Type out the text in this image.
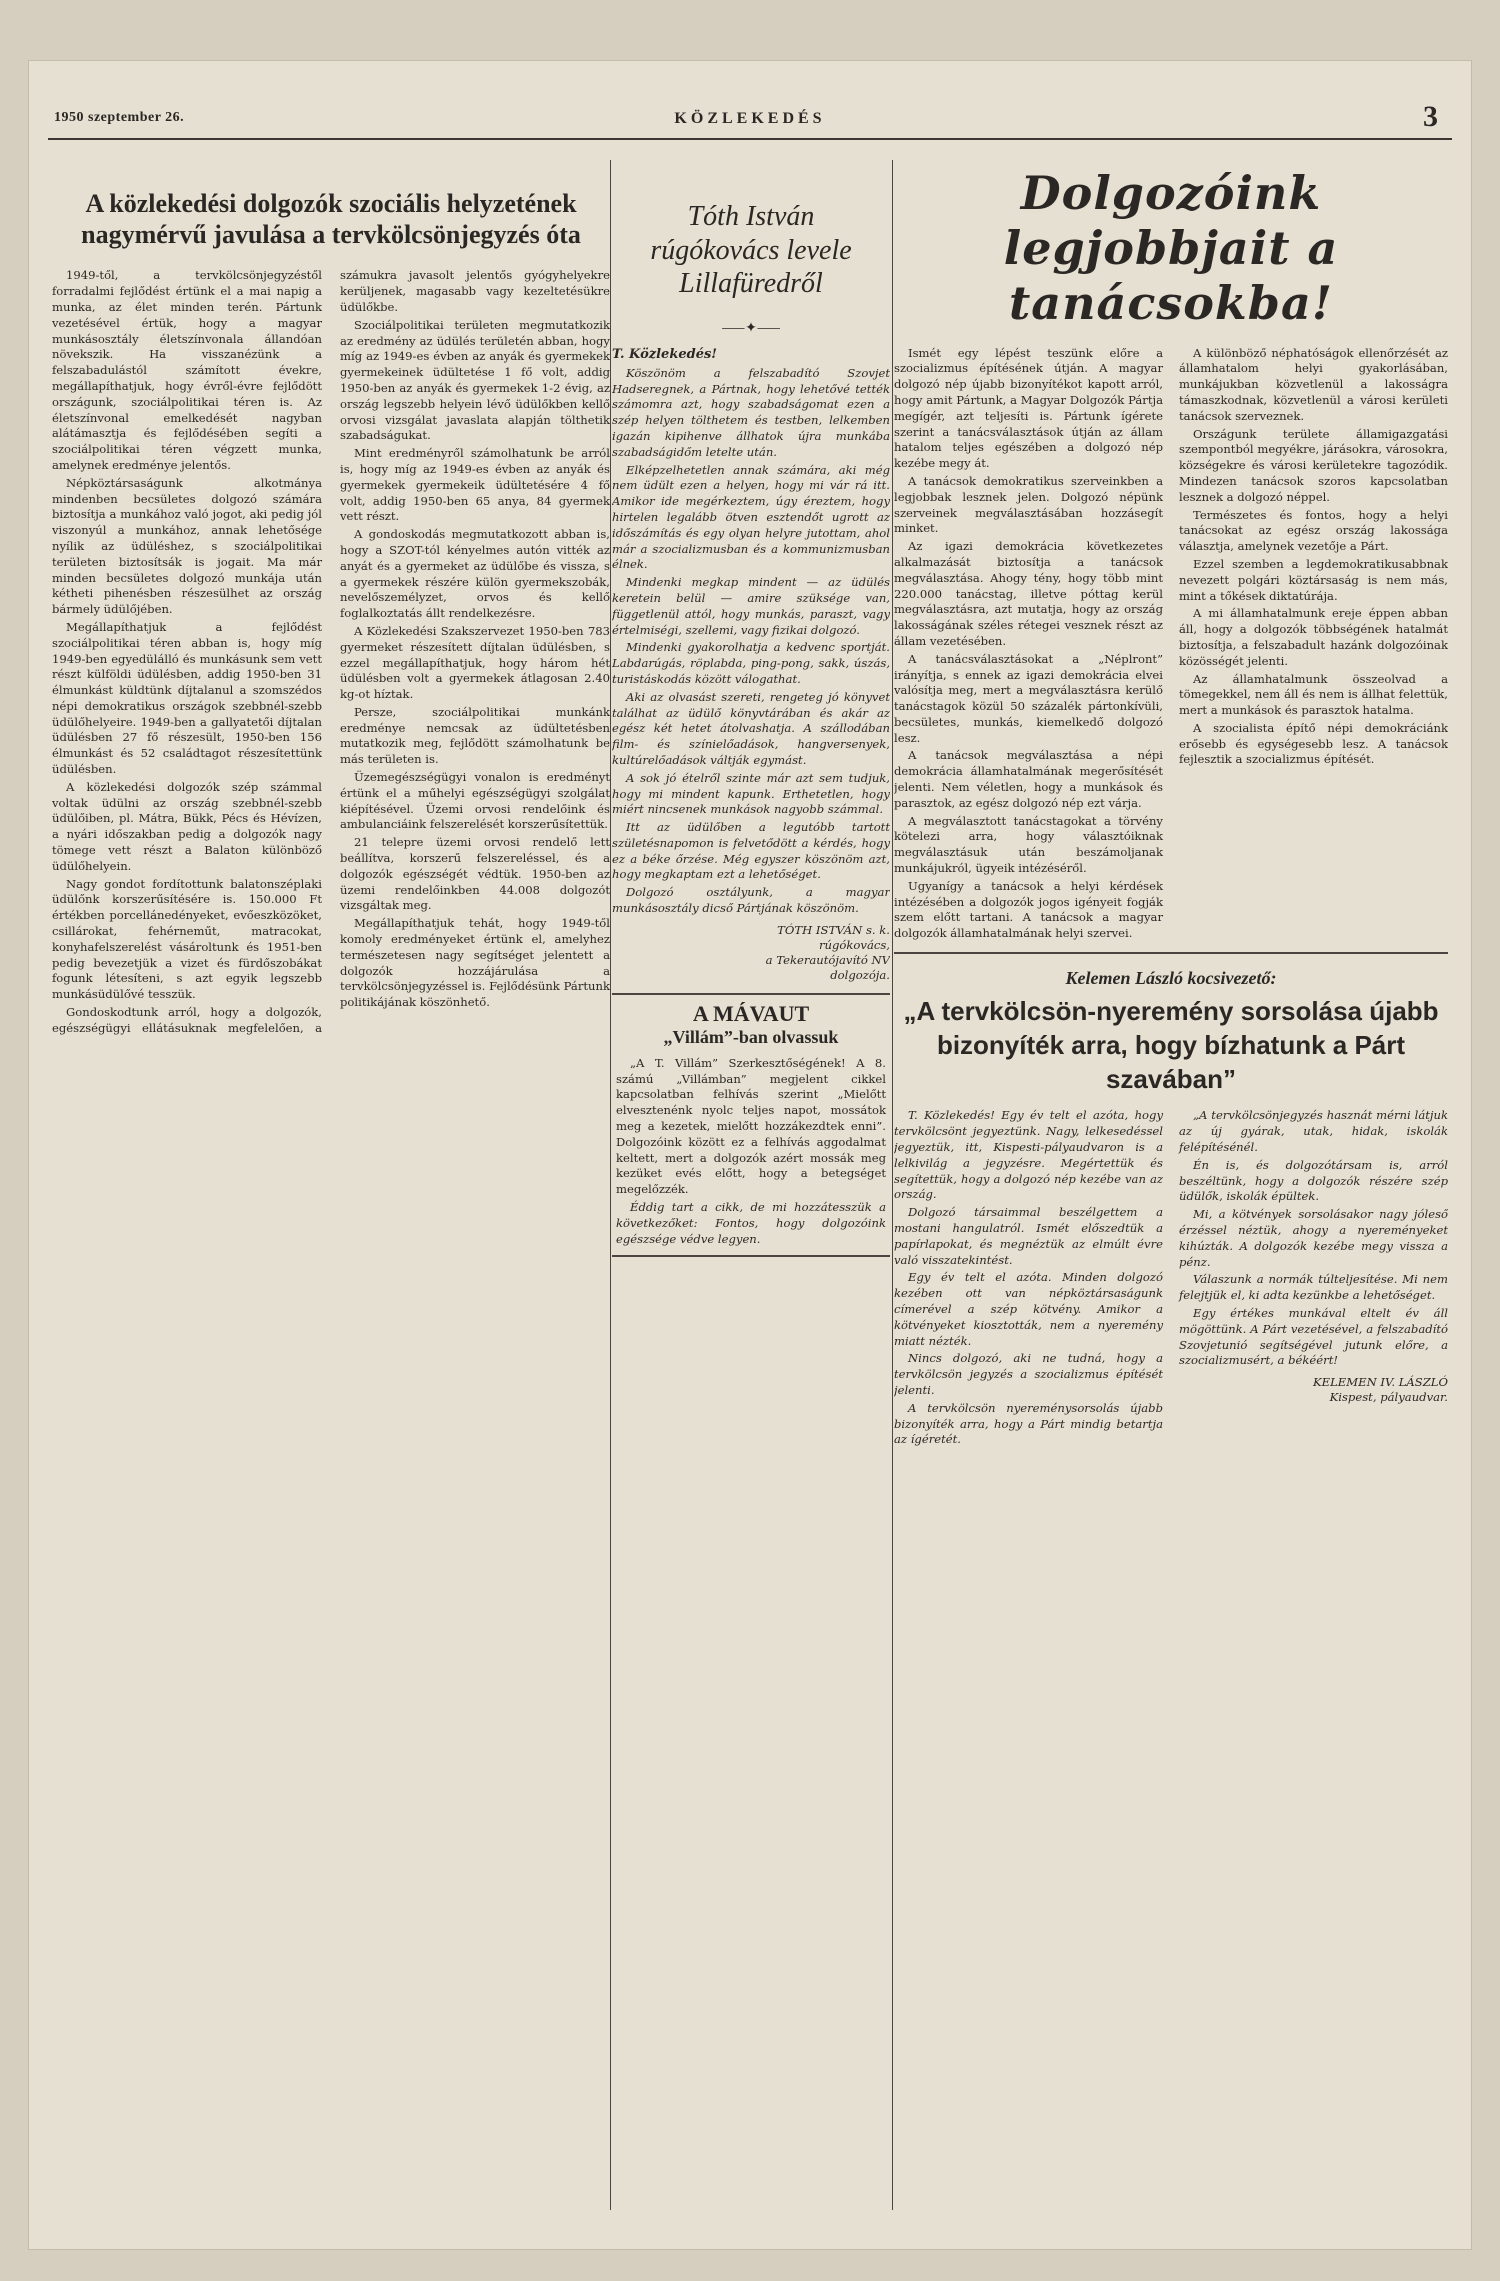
1950 szeptember 26.	KÖZLEKEDÉS	3
A közlekedési dolgozók szociális helyzetének nagymérvű javulása a tervkölcsönjegyzés óta

1949-től, a tervkölcsönjegyzéstől forradalmi fejlődést értünk el a mai napig a munka, az élet minden terén. Pártunk vezetésével értük, hogy a magyar munkásosztály életszínvonala állandóan növekszik. Ha visszanézünk a felszabadulástól számított évekre, megállapíthatjuk, hogy évről-évre fejlődött országunk, szociálpolitikai téren is. Az életszínvonal emelkedését nagyban alátámasztja és fejlődésében segíti a szociálpolitikai téren végzett munka, amelynek eredménye jelentős.

Népköztársaságunk alkotmánya mindenben becsületes dolgozó számára biztosítja a munkához való jogot, aki pedig jól viszonyúl a munkához, annak lehetősége nyílik az üdüléshez, s szociálpolitikai területen biztosítsák is jogait. Ma már minden becsületes dolgozó munkája után kétheti pihenésben részesülhet az ország bármely üdülőjében.

Megállapíthatjuk a fejlődést szociálpolitikai téren abban is, hogy míg 1949-ben egyedülálló és munkásunk sem vett részt külföldi üdülésben, addig 1950-ben 31 élmunkást küldtünk díjtalanul a szomszédos népi demokratikus országok szebbnél-szebb üdülőhelyeire. 1949-ben a gallyatetői díjtalan üdülésben 27 fő részesült, 1950-ben 156 élmunkást és 52 családtagot részesítettünk üdülésben.

A közlekedési dolgozók szép számmal voltak üdülni az ország szebbnél-szebb üdülőiben, pl. Mátra, Bükk, Pécs és Hévízen, a nyári időszakban pedig a dolgozók nagy tömege vett részt a Balaton különböző üdülőhelyein.

Nagy gondot fordítottunk balatonszéplaki üdülőnk korszerűsítésére is. 150.000 Ft értékben porcellánedényeket, evőeszközöket, csillárokat, fehérneműt, matracokat, konyhafelszerelést vásároltunk és 1951-ben pedig bevezetjük a vizet és fürdőszobákat fogunk létesíteni, s azt egyik legszebb munkásüdülővé tesszük.

Gondoskodtunk arról, hogy a dolgozók, egészségügyi ellátásuknak megfelelően, a számukra javasolt jelentős gyógyhelyekre kerüljenek, magasabb vagy kezeltetésükre üdülőkbe.

Szociálpolitikai területen megmutatkozik az eredmény az üdülés területén abban, hogy míg az 1949-es évben az anyák és gyermekek gyermekeinek üdültetése 1 fő volt, addig 1950-ben az anyák és gyermekek 1-2 évig, az ország legszebb helyein lévő üdülőkben kellő orvosi vizsgálat javaslata alapján tölthetik szabadságukat.

Mint eredményről számolhatunk be arról is, hogy míg az 1949-es évben az anyák és gyermekek gyermekeik üdültetésére 4 fő volt, addig 1950-ben 65 anya, 84 gyermek vett részt.

A gondoskodás megmutatkozott abban is, hogy a SZOT-tól kényelmes autón vitték az anyát és a gyermeket az üdülőbe és vissza, s a gyermekek részére külön gyermekszobák, nevelőszemélyzet, orvos és kellő foglalkoztatás állt rendelkezésre.

A Közlekedési Szakszervezet 1950-ben 783 gyermeket részesített díjtalan üdülésben, s ezzel megállapíthatjuk, hogy három hét üdülésben volt a gyermekek átlagosan 2.40 kg-ot híztak.

Persze, szociálpolitikai munkánk eredménye nemcsak az üdültetésben mutatkozik meg, fejlődött számolhatunk be más területen is.

Üzemegészségügyi vonalon is eredményt értünk el a műhelyi egészségügyi szolgálat kiépítésével. Üzemi orvosi rendelőink és ambulanciáink felszerelését korszerűsítettük.

21 telepre üzemi orvosi rendelő lett beállítva, korszerű felszereléssel, és a dolgozók egészségét védtük. 1950-ben az üzemi rendelőinkben 44.008 dolgozót vizsgáltak meg.

Megállapíthatjuk tehát, hogy 1949-től komoly eredményeket értünk el, amelyhez természetesen nagy segítséget jelentett a dolgozók hozzájárulása a tervkölcsönjegyzéssel is. Fejlődésünk Pártunk politikájának köszönhető.

Tóth István rúgókovács levele Lillafüredről
⸺✦⸺
T. Közlekedés!

Köszönöm a felszabadító Szovjet Hadseregnek, a Pártnak, hogy lehetővé tették számomra azt, hogy szabadságomat ezen a szép helyen tölthetem és testben, lelkemben igazán kipihenve állhatok újra munkába szabadságidőm letelte után.

Elképzelhetetlen annak számára, aki még nem üdült ezen a helyen, hogy mi vár rá itt. Amikor ide megérkeztem, úgy éreztem, hogy hirtelen legalább ötven esztendőt ugrott az időszámítás és egy olyan helyre jutottam, ahol már a szocializmusban és a kommunizmusban élnek.

Mindenki megkap mindent — az üdülés keretein belül — amire szüksége van, függetlenül attól, hogy munkás, paraszt, vagy értelmiségi, szellemi, vagy fizikai dolgozó.

Mindenki gyakorolhatja a kedvenc sportját. Labdarúgás, röplabda, ping-pong, sakk, úszás, turistáskodás között válogathat.

Aki az olvasást szereti, rengeteg jó könyvet találhat az üdülő könyvtárában és akár az egész két hetet átolvashatja. A szállodában film- és színielőadások, hangversenyek, kultúrelőadások váltják egymást.

A sok jó ételről szinte már azt sem tudjuk, hogy mi mindent kapunk. Erthetetlen, hogy miért nincsenek munkások nagyobb számmal.

Itt az üdülőben a legutóbb tartott születésnapomon is felvetődött a kérdés, hogy ez a béke őrzése. Még egyszer köszönöm azt, hogy megkaptam ezt a lehetőséget.

Dolgozó osztályunk, a magyar munkásosztály dicső Pártjának köszönöm.

TÓTH ISTVÁN s. k.
rúgókovács,
a Tekerautójavító NV
dolgozója.
A MÁVAUT
„Villám”-ban olvassuk

„A T. Villám” Szerkesztőségének! A 8. számú „Villámban” megjelent cikkel kapcsolatban felhívás szerint „Mielőtt elvesztenénk nyolc teljes napot, mossátok meg a kezetek, mielőtt hozzákezdtek enni”. Dolgozóink között ez a felhívás aggodalmat keltett, mert a dolgozók azért mossák meg kezüket evés előtt, hogy a betegséget megelőzzék.

Éddig tart a cikk, de mi hozzátesszük a következőket: Fontos, hogy dolgozóink egészsége védve legyen.

Dolgozóink legjobbjait a tanácsokba!

Ismét egy lépést teszünk előre a szocializmus építésének útján. A magyar dolgozó nép újabb bizonyítékot kapott arról, hogy amit Pártunk, a Magyar Dolgozók Pártja megígér, azt teljesíti is. Pártunk ígérete szerint a tanácsválasztások útján az állam hatalom teljes egészében a dolgozó nép kezébe megy át.

A tanácsok demokratikus szerveinkben a legjobbak lesznek jelen. Dolgozó népünk szerveinek megválasztásában hozzásegít minket.

Az igazi demokrácia következetes alkalmazását biztosítja a tanácsok megválasztása. Ahogy tény, hogy több mint 220.000 tanácstag, illetve póttag kerül megválasztásra, azt mutatja, hogy az ország lakosságának széles rétegei vesznek részt az állam vezetésében.

A tanácsválasztásokat a „Néplront” irányítja, s ennek az igazi demokrácia elvei valósítja meg, mert a megválasztásra kerülő tanácstagok közül 50 százalék pártonkívüli, becsületes, munkás, kiemelkedő dolgozó lesz.

A tanácsok megválasztása a népi demokrácia államhatalmának megerősítését jelenti. Nem véletlen, hogy a munkások és parasztok, az egész dolgozó nép ezt várja.

A megválasztott tanácstagokat a törvény kötelezi arra, hogy választóiknak megválasztásuk után beszámoljanak munkájukról, ügyeik intézéséről.

Ugyanígy a tanácsok a helyi kérdések intézésében a dolgozók jogos igényeit fogják szem előtt tartani. A tanácsok a magyar dolgozók államhatalmának helyi szervei.

A különböző néphatóságok ellenőrzését az államhatalom helyi gyakorlásában, munkájukban közvetlenül a lakosságra támaszkodnak, közvetlenül a városi kerületi tanácsok szerveznek.

Országunk területe államigazgatási szempontból megyékre, járásokra, városokra, községekre és városi kerületekre tagozódik. Mindezen tanácsok szoros kapcsolatban lesznek a dolgozó néppel.

Természetes és fontos, hogy a helyi tanácsokat az egész ország lakossága választja, amelynek vezetője a Párt.

Ezzel szemben a legdemokratikusabbnak nevezett polgári köztársaság is nem más, mint a tőkések diktatúrája.

A mi államhatalmunk ereje éppen abban áll, hogy a dolgozók többségének hatalmát biztosítja, a felszabadult hazánk dolgozóinak közösségét jelenti.

Az államhatalmunk összeolvad a tömegekkel, nem áll és nem is állhat felettük, mert a munkások és parasztok hatalma.

A szocialista építő népi demokráciánk erősebb és egységesebb lesz. A tanácsok fejlesztik a szocializmus építését.

Kelemen László kocsivezető:
„A tervkölcsön-nyeremény sorsolása újabb bizonyíték arra, hogy bízhatunk a Párt szavában”

T. Közlekedés! Egy év telt el azóta, hogy tervkölcsönt jegyeztünk. Nagy, lelkesedéssel jegyeztük, itt, Kispesti-pályaudvaron is a lelkivilág a jegyzésre. Megértettük és segítettük, hogy a dolgozó nép kezébe van az ország.

Dolgozó társaimmal beszélgettem a mostani hangulatról. Ismét előszedtük a papírlapokat, és megnéztük az elmúlt évre való visszatekintést.

Egy év telt el azóta. Minden dolgozó kezében ott van népköztársaságunk címerével a szép kötvény. Amikor a kötvényeket kiosztották, nem a nyeremény miatt nézték.

Nincs dolgozó, aki ne tudná, hogy a tervkölcsön jegyzés a szocializmus építését jelenti.

A tervkölcsön nyereménysorsolás újabb bizonyíték arra, hogy a Párt mindig betartja az ígéretét.

„A tervkölcsönjegyzés hasznát mérni látjuk az új gyárak, utak, hidak, iskolák felépítésénél.

Én is, és dolgozótársam is, arról beszéltünk, hogy a dolgozók részére szép üdülők, iskolák épültek.

Mi, a kötvények sorsolásakor nagy jóleső érzéssel néztük, ahogy a nyereményeket kihúzták. A dolgozók kezébe megy vissza a pénz.

Válaszunk a normák túlteljesítése. Mi nem felejtjük el, ki adta kezünkbe a lehetőséget.

Egy értékes munkával eltelt év áll mögöttünk. A Párt vezetésével, a felszabadító Szovjetunió segítségével jutunk előre, a szocializmusért, a békéért!

KELEMEN IV. LÁSZLÓ
Kispest, pályaudvar.
